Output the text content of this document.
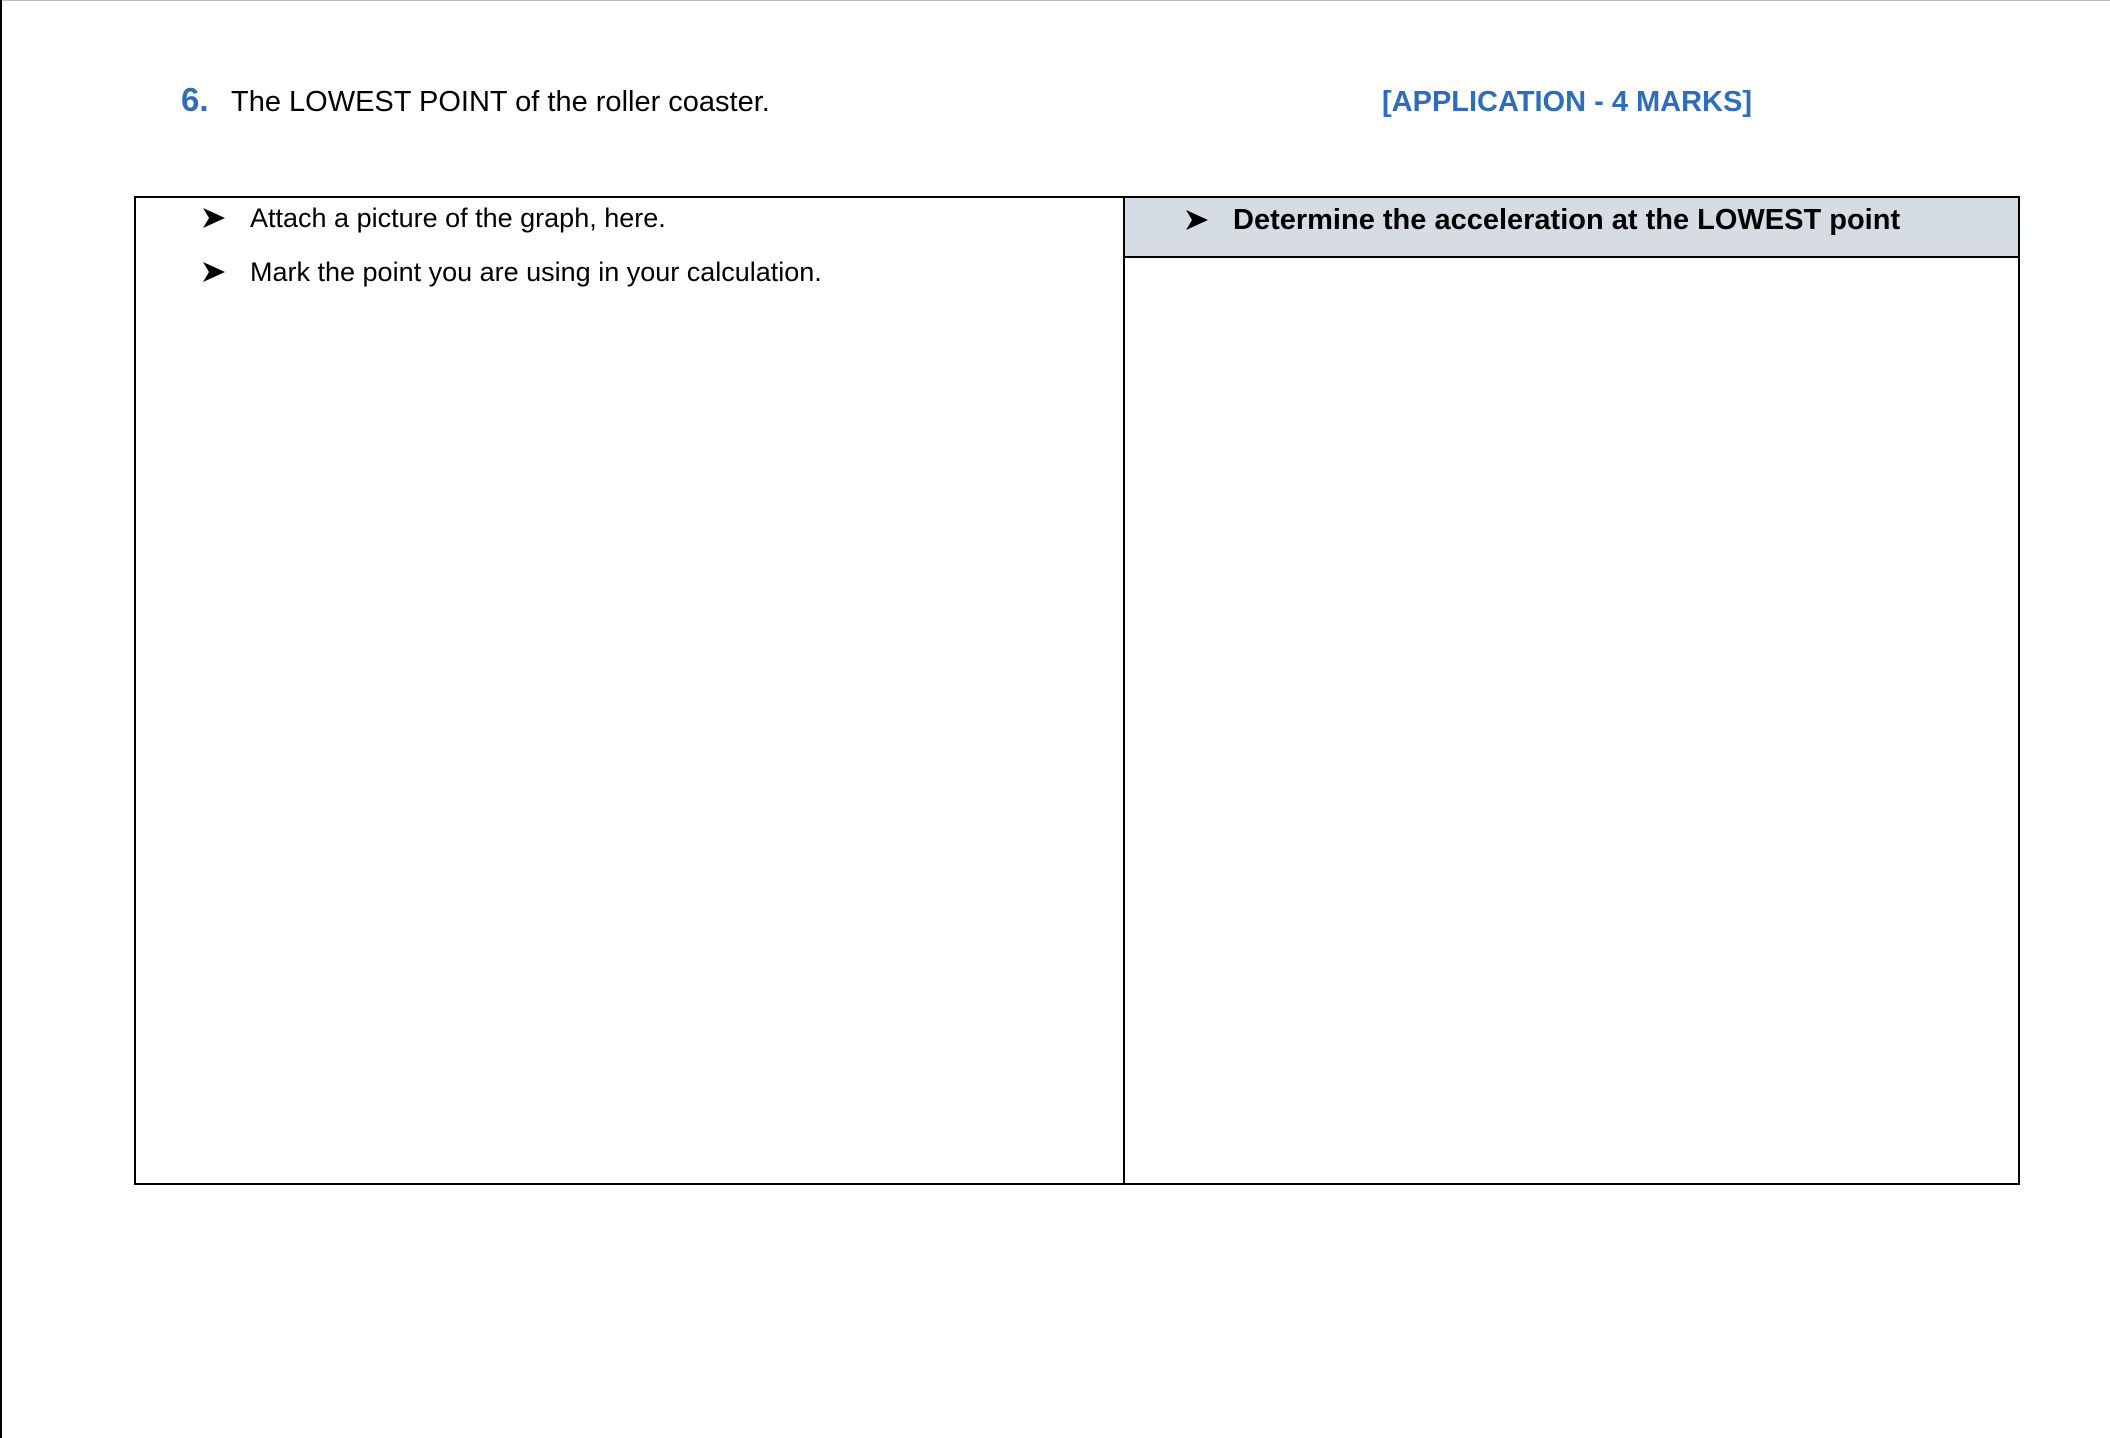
6. The LOWEST POINT of the roller coaster.	[APPLICATION - 4 MARKS]
Attach a picture of the graph, here.
Mark the point you are using in your calculation.
Determine the acceleration at the LOWEST point
